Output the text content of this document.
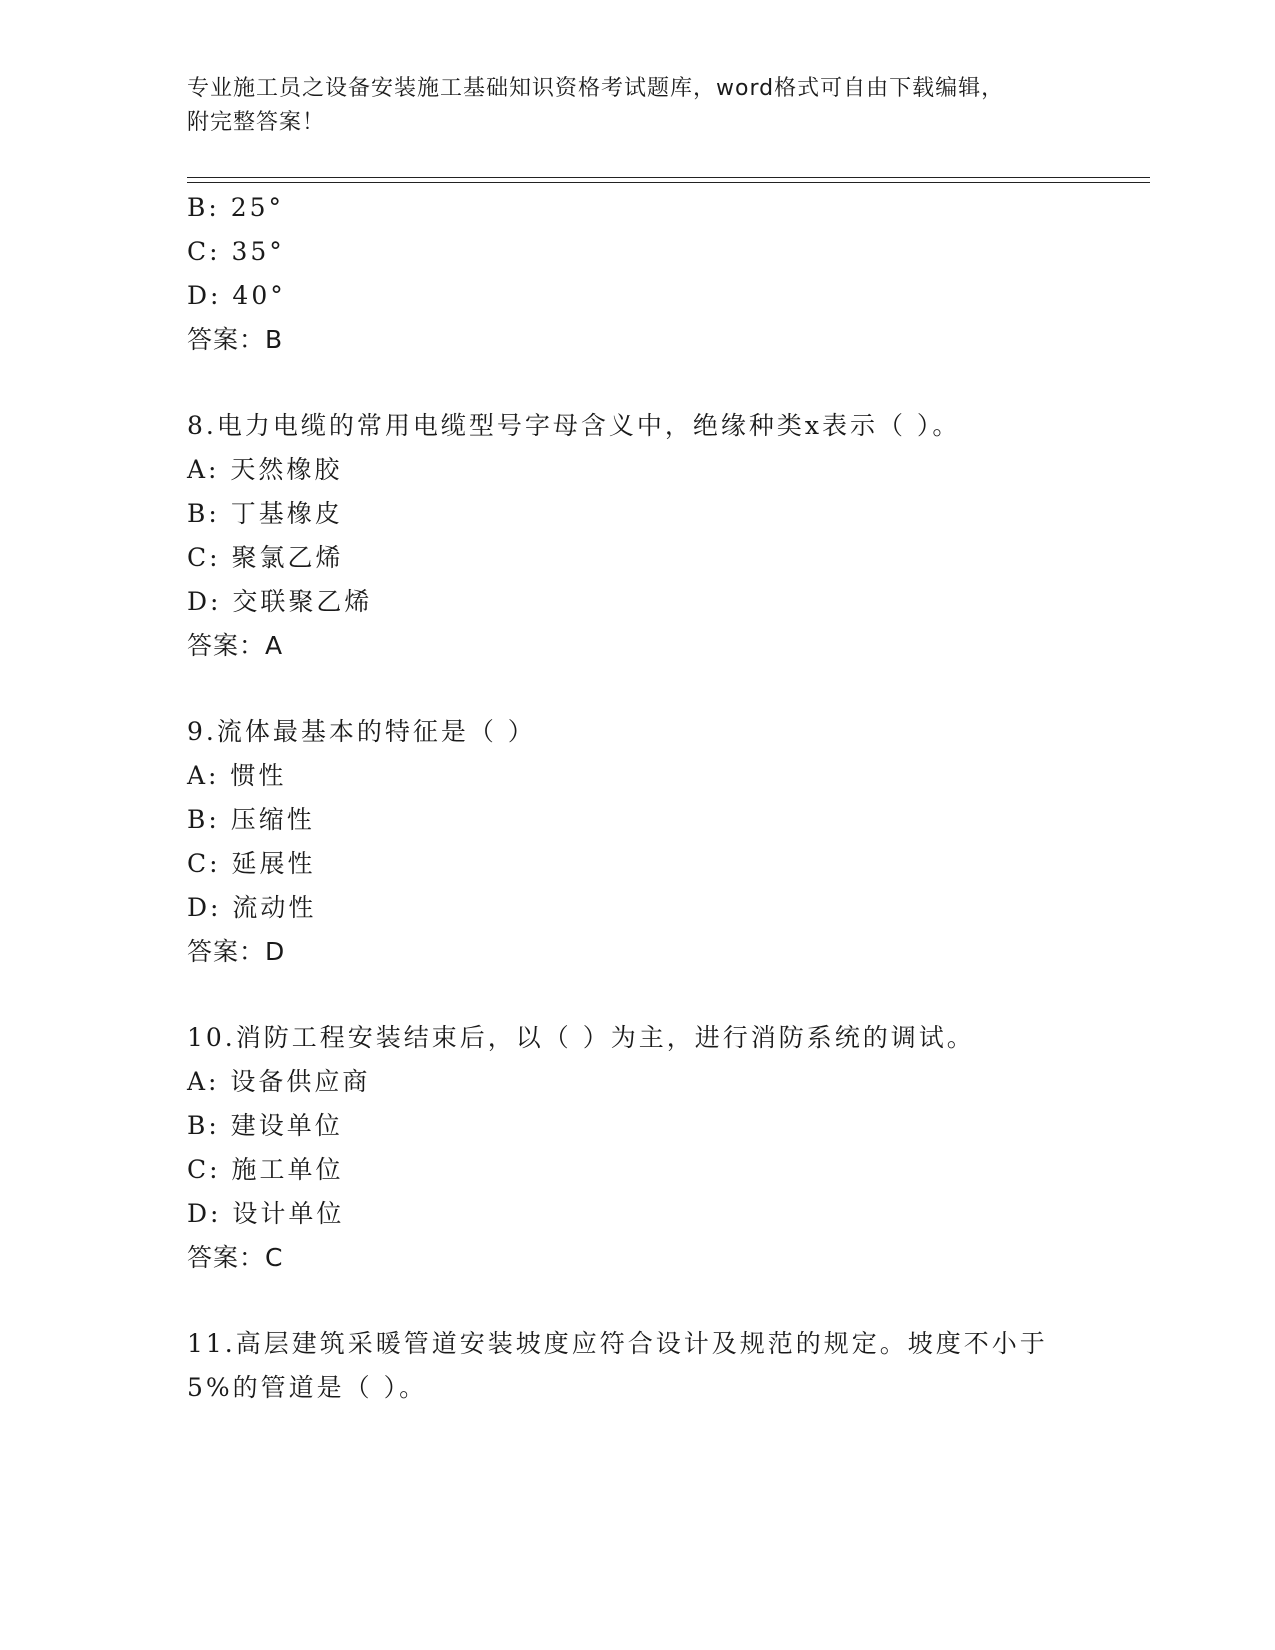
专业施工员之设备安装施工基础知识资格考试题库，word格式可自由下载编辑，
附完整答案！
B: 25°
C: 35°
D: 40°
答案：B
8.电力电缆的常用电缆型号字母含义中，绝缘种类x表示（ ）。
A: 天然橡胶
B: 丁基橡皮
C: 聚氯乙烯
D: 交联聚乙烯
答案：A
9.流体最基本的特征是（ ）
A: 惯性
B: 压缩性
C: 延展性
D: 流动性
答案：D
10.消防工程安装结束后，以（ ）为主，进行消防系统的调试。
A: 设备供应商
B: 建设单位
C: 施工单位
D: 设计单位
答案：C
11.高层建筑采暖管道安装坡度应符合设计及规范的规定。坡度不小于
5%的管道是（ ）。
